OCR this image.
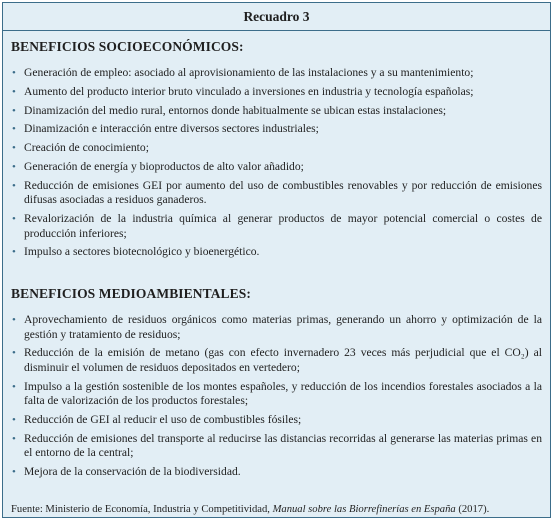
Recuadro 3
BENEFICIOS SOCIOECONÓMICOS:
• • Generación de empleo: asociado al aprovisionamiento de las instalaciones y a su mantenimiento;
• • Aumento del producto interior bruto vinculado a inversiones en industria y tecnología españolas;
• • Dinamización del medio rural, entornos donde habitualmente se ubican estas instalaciones;
• • Dinamización e interacción entre diversos sectores industriales;
• • Creación de conocimiento;
• • Generación de energía y bioproductos de alto valor añadido;
• • Reducción de emisiones GEI por aumento del uso de combustibles renovables y por reducción de emisiones difusas asociadas a residuos ganaderos.
• • Revalorización de la industria química al generar productos de mayor potencial comercial o costes de producción inferiores;
• • Impulso a sectores biotecnológico y bioenergético.
BENEFICIOS MEDIOAMBIENTALES:
• • Aprovechamiento de residuos orgánicos como materias primas, generando un ahorro y optimización de la gestión y tratamiento de residuos;
• • Reducción de la emisión de metano (gas con efecto invernadero 23 veces más perjudicial que el CO₂) al disminuir el volumen de residuos depositados en vertedero;
• • Impulso a la gestión sostenible de los montes españoles, y reducción de los incendios forestales asociados a la falta de valorización de los productos forestales;
• • Reducción de GEI al reducir el uso de combustibles fósiles;
• • Reducción de emisiones del transporte al reducirse las distancias recorridas al generarse las materias primas en el entorno de la central;
• • Mejora de la conservación de la biodiversidad.
Fuente: Ministerio de Economía, Industria y Competitividad, Manual sobre las Biorrefinerías en España (2017).
